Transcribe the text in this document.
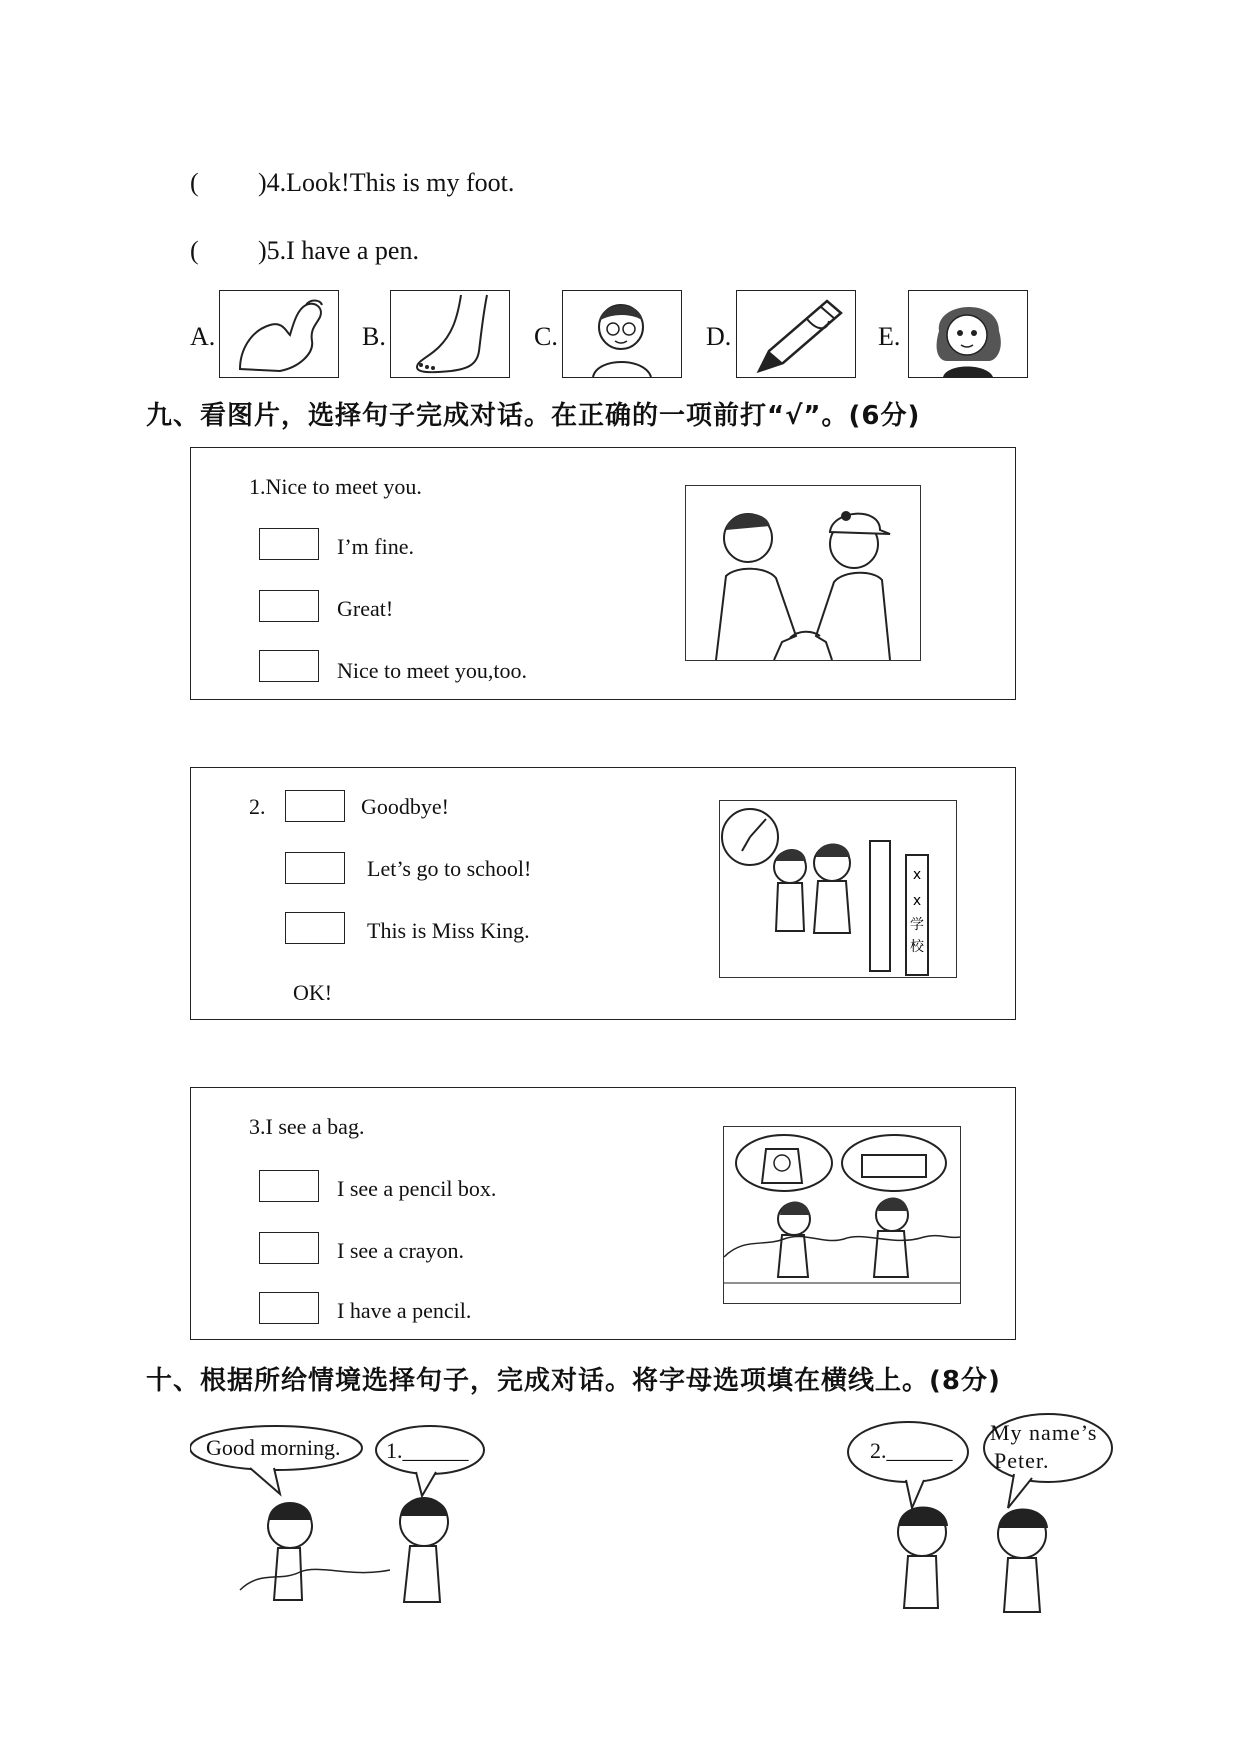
( )4.Look!This is my foot.
( )5.I have a pen.
A.	B.	C.	D.	E.
九、看图片，选择句子完成对话。在正确的一项前打“√”。(6分)
1.Nice to meet you.
I’m fine.
Great!
Nice to meet you,too.
2.	Goodbye!
Let’s go to school!
This is Miss King.
OK!
x
x
学
校
3.I see a bag.
I see a pencil box.
I see a crayon.
I have a pencil.
十、根据所给情境选择句子，完成对话。将字母选项填在横线上。(8分)
Good morning. 1.______	2.______
My name’s
Peter.
